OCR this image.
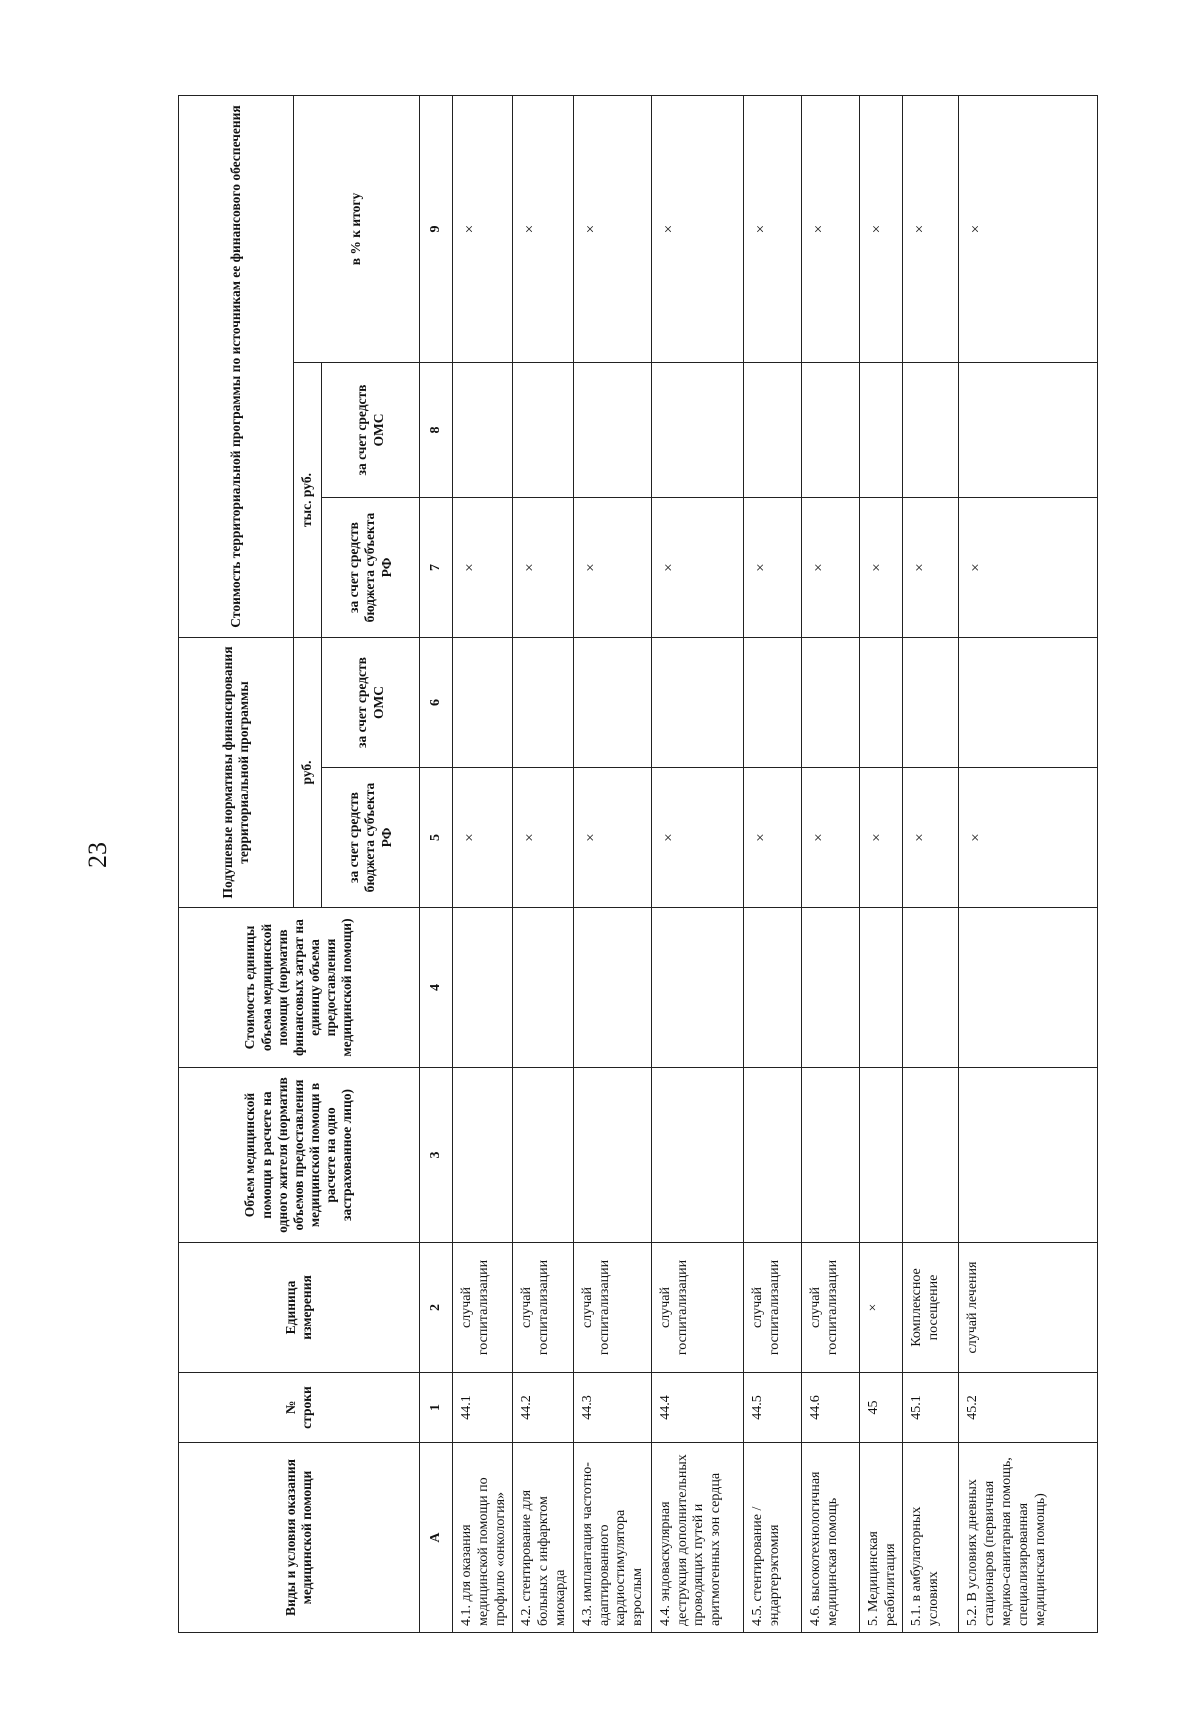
23
Виды и условия оказания медицинской помощи	№ строки	Единица измерения	Объем медицинской помощи в расчете на одного жителя (норматив объемов предоставления медицинской помощи в расчете на одно застрахованное лицо)	Стоимость единицы объема медицинской помощи (норматив финансовых затрат на единицу объема предоставления медицинской помощи)	Подушевые нормативы финансирования территориальной программы		Стоимость территориальной программы по источникам ее финансового обеспечения		
					руб.		тыс. руб.		в % к итогу
					за счет средств бюджета субъекта РФ	за счет средств ОМС	за счет средств бюджета субъекта РФ	за счет средств ОМС	
А	1	2	3	4	5	6	7	8	9
4.1. для оказания медицинской помощи по профилю «онкология»	44.1	случай госпитализации			×		×		×
4.2. стентирование для больных с инфарктом миокарда	44.2	случай госпитализации			×		×		×
4.3. имплантация частотно-адаптированного кардиостимулятора взрослым	44.3	случай госпитализации			×		×		×
4.4. эндоваскулярная деструкция дополнительных проводящих путей и аритмогенных зон сердца	44.4	случай госпитализации			×		×		×
4.5. стентирование / эндартерэктомия	44.5	случай госпитализации			×		×		×
4.6. высокотехнологичная медицинская помощь	44.6	случай госпитализации			×		×		×
5. Медицинская реабилитация	45	×			×		×		×
5.1. в амбулаторных условиях	45.1	Комплексное посещение			×		×		×
5.2. В условиях дневных стационаров (первичная медико-санитарная помощь, специализированная медицинская помощь)	45.2	случай лечения			×		×		×
